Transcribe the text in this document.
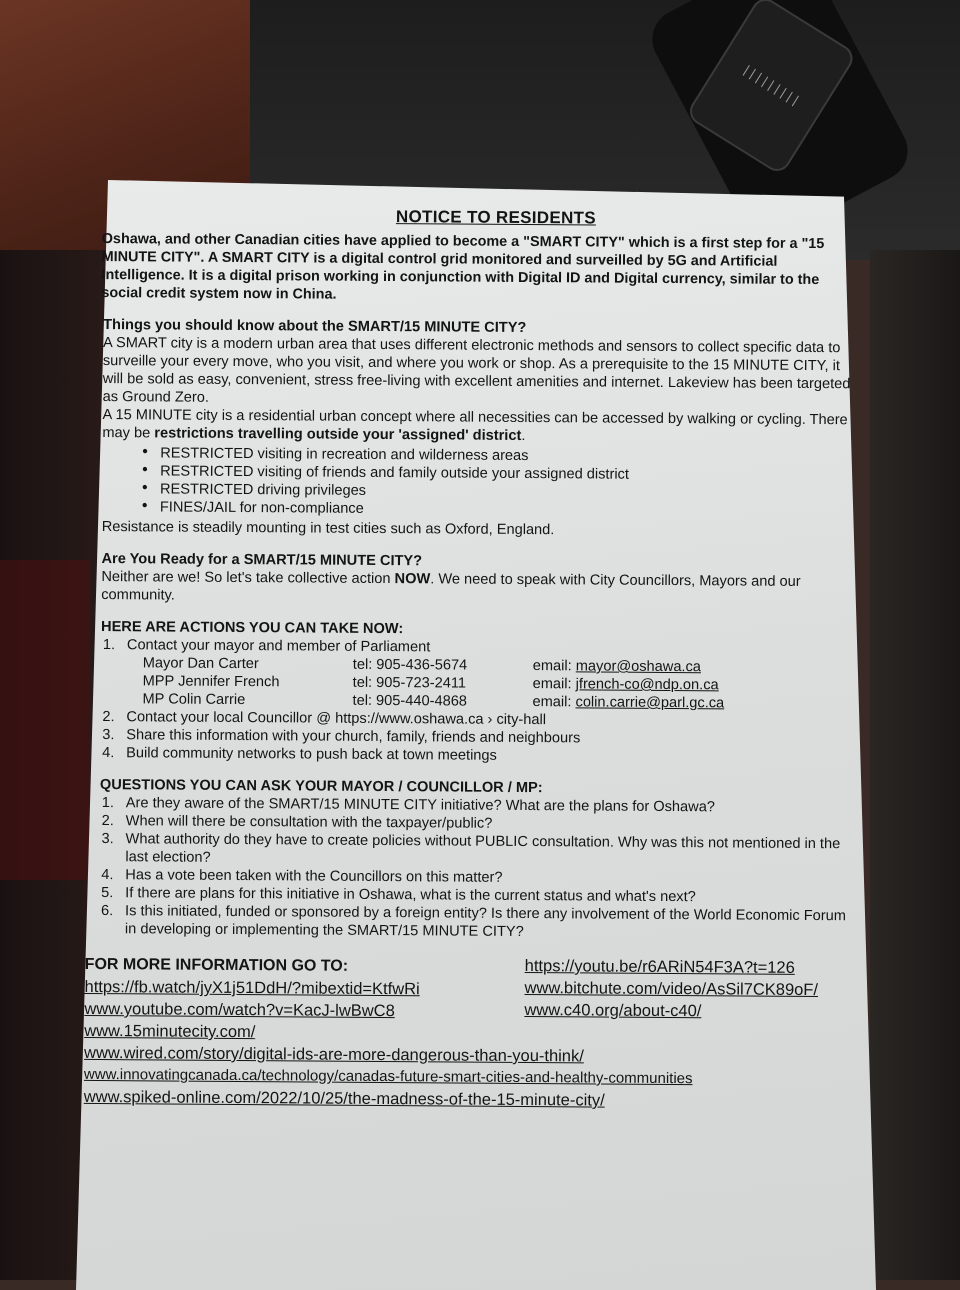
|||||||||
NOTICE TO RESIDENTS
Oshawa, and other Canadian cities have applied to become a "SMART CITY" which is a first step for a "15 MINUTE CITY". A SMART CITY is a digital control grid monitored and surveilled by 5G and Artificial Intelligence. It is a digital prison working in conjunction with Digital ID and Digital currency, similar to the social credit system now in China.
Things you should know about the SMART/15 MINUTE CITY?
A SMART city is a modern urban area that uses different electronic methods and sensors to collect specific data to surveille your every move, who you visit, and where you work or shop. As a prerequisite to the 15 MINUTE CITY, it will be sold as easy, convenient, stress free-living with excellent amenities and internet. Lakeview has been targeted as Ground Zero.
A 15 MINUTE city is a residential urban concept where all necessities can be accessed by walking or cycling. There may be restrictions travelling outside your 'assigned' district.
• RESTRICTED visiting in recreation and wilderness areas
• RESTRICTED visiting of friends and family outside your assigned district
• RESTRICTED driving privileges
• FINES/JAIL for non-compliance
Resistance is steadily mounting in test cities such as Oxford, England.
Are You Ready for a SMART/15 MINUTE CITY?
Neither are we! So let's take collective action NOW. We need to speak with City Councillors, Mayors and our community.
HERE ARE ACTIONS YOU CAN TAKE NOW:
1. Contact your mayor and member of Parliament
Mayor Dan Carter	tel: 905-436-5674	email: mayor@oshawa.ca
MPP Jennifer French	tel: 905-723-2411	email: jfrench-co@ndp.on.ca
MP Colin Carrie	tel: 905-440-4868	email: colin.carrie@parl.gc.ca
2. Contact your local Councillor @ https://www.oshawa.ca › city-hall
3. Share this information with your church, family, friends and neighbours
4. Build community networks to push back at town meetings
QUESTIONS YOU CAN ASK YOUR MAYOR / COUNCILLOR / MP:
1. Are they aware of the SMART/15 MINUTE CITY initiative? What are the plans for Oshawa?
2. When will there be consultation with the taxpayer/public?
3. What authority do they have to create policies without PUBLIC consultation. Why was this not mentioned in the last election?
4. Has a vote been taken with the Councillors on this matter?
5. If there are plans for this initiative in Oshawa, what is the current status and what's next?
6. Is this initiated, funded or sponsored by a foreign entity? Is there any involvement of the World Economic Forum in developing or implementing the SMART/15 MINUTE CITY?
FOR MORE INFORMATION GO TO:
https://fb.watch/jyX1j51DdH/?mibextid=KtfwRi
www.youtube.com/watch?v=KacJ-lwBwC8
www.15minutecity.com/
www.wired.com/story/digital-ids-are-more-dangerous-than-you-think/
www.innovatingcanada.ca/technology/canadas-future-smart-cities-and-healthy-communities
www.spiked-online.com/2022/10/25/the-madness-of-the-15-minute-city/
https://youtu.be/r6ARiN54F3A?t=126
www.bitchute.com/video/AsSil7CK89oF/
www.c40.org/about-c40/
